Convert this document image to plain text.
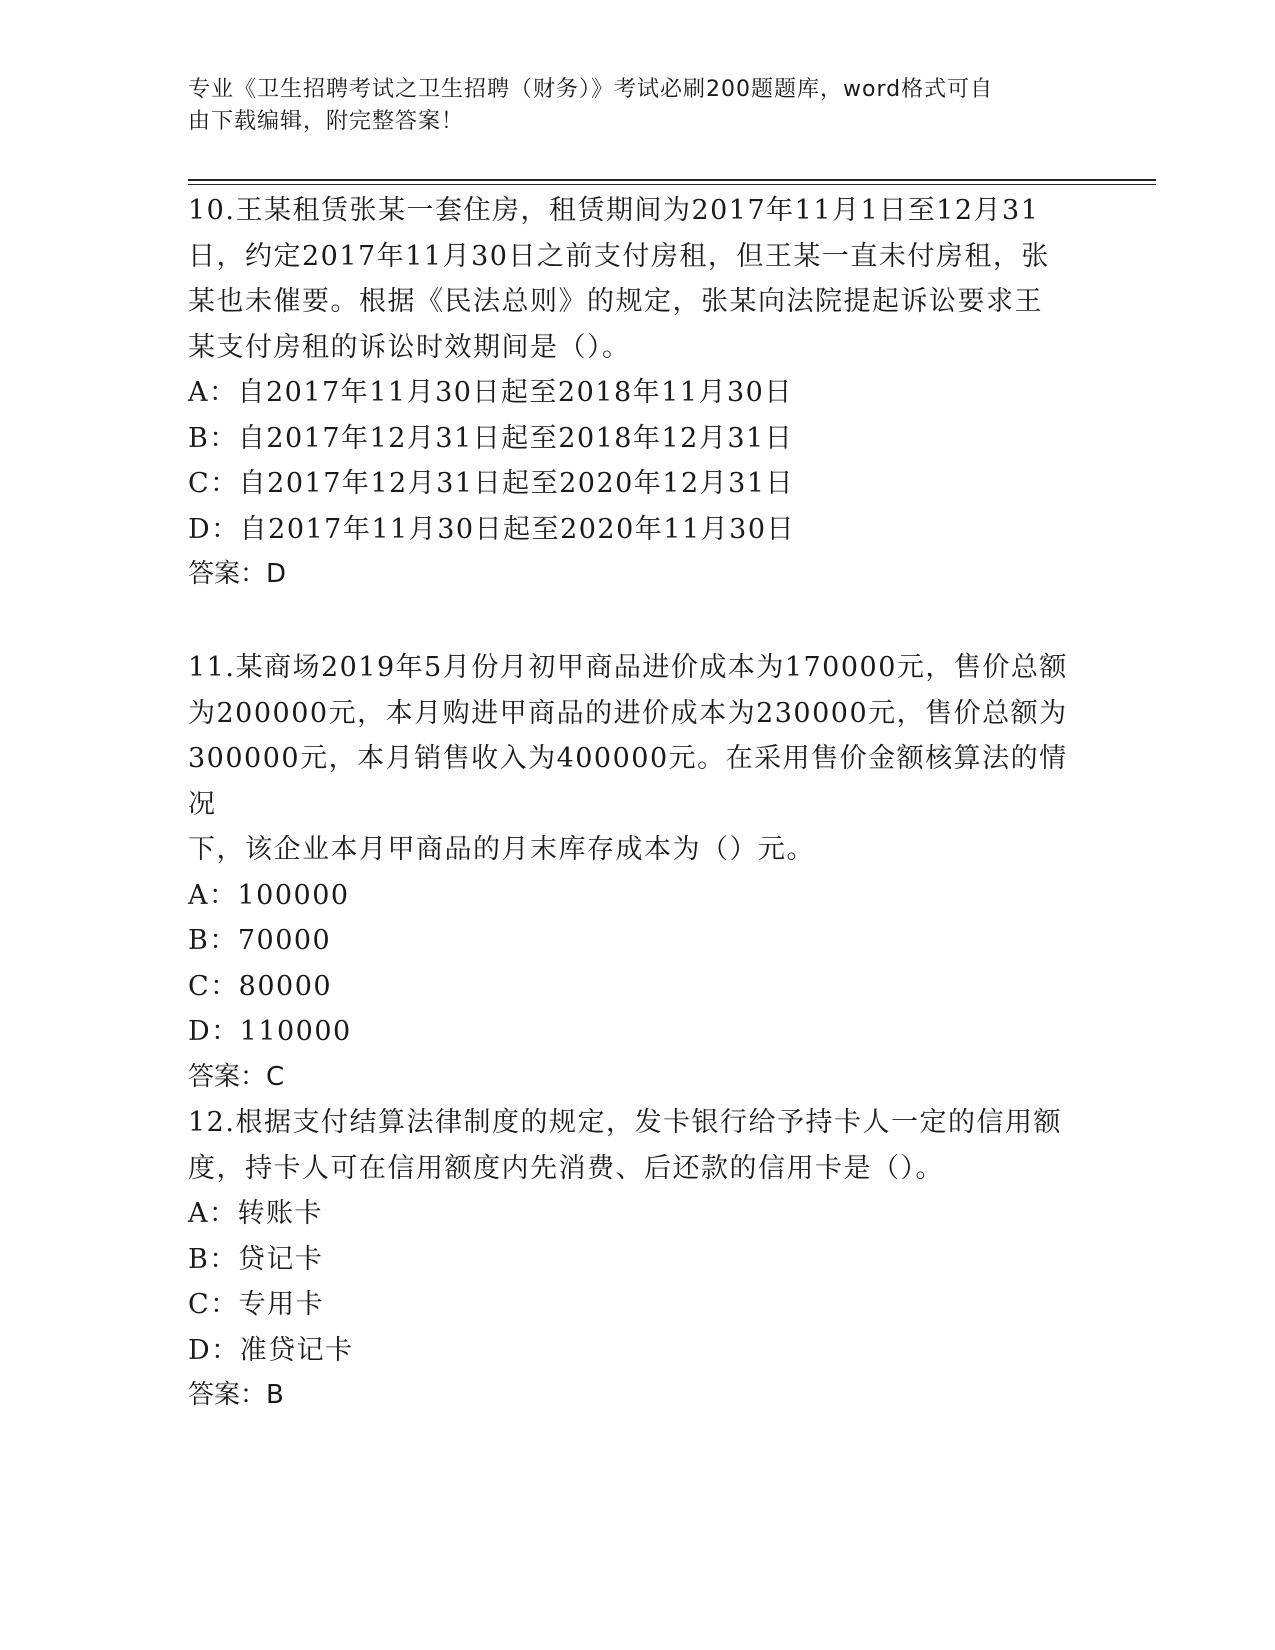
专业《卫生招聘考试之卫生招聘（财务）》考试必刷200题题库，word格式可自
由下载编辑，附完整答案！

10.王某租赁张某一套住房，租赁期间为2017年11月1日至12月31

日，约定2017年11月30日之前支付房租，但王某一直未付房租，张

某也未催要。根据《民法总则》的规定，张某向法院提起诉讼要求王

某支付房租的诉讼时效期间是（）。

A：自2017年11月30日起至2018年11月30日

B：自2017年12月31日起至2018年12月31日

C：自2017年12月31日起至2020年12月31日

D：自2017年11月30日起至2020年11月30日

答案：D

11.某商场2019年5月份月初甲商品进价成本为170000元，售价总额

为200000元，本月购进甲商品的进价成本为230000元，售价总额为

300000元，本月销售收入为400000元。在采用售价金额核算法的情况

下，该企业本月甲商品的月末库存成本为（）元。

A：100000

B：70000

C：80000

D：110000

答案：C

12.根据支付结算法律制度的规定，发卡银行给予持卡人一定的信用额

度，持卡人可在信用额度内先消费、后还款的信用卡是（）。

A：转账卡

B：贷记卡

C：专用卡

D：准贷记卡

答案：B
